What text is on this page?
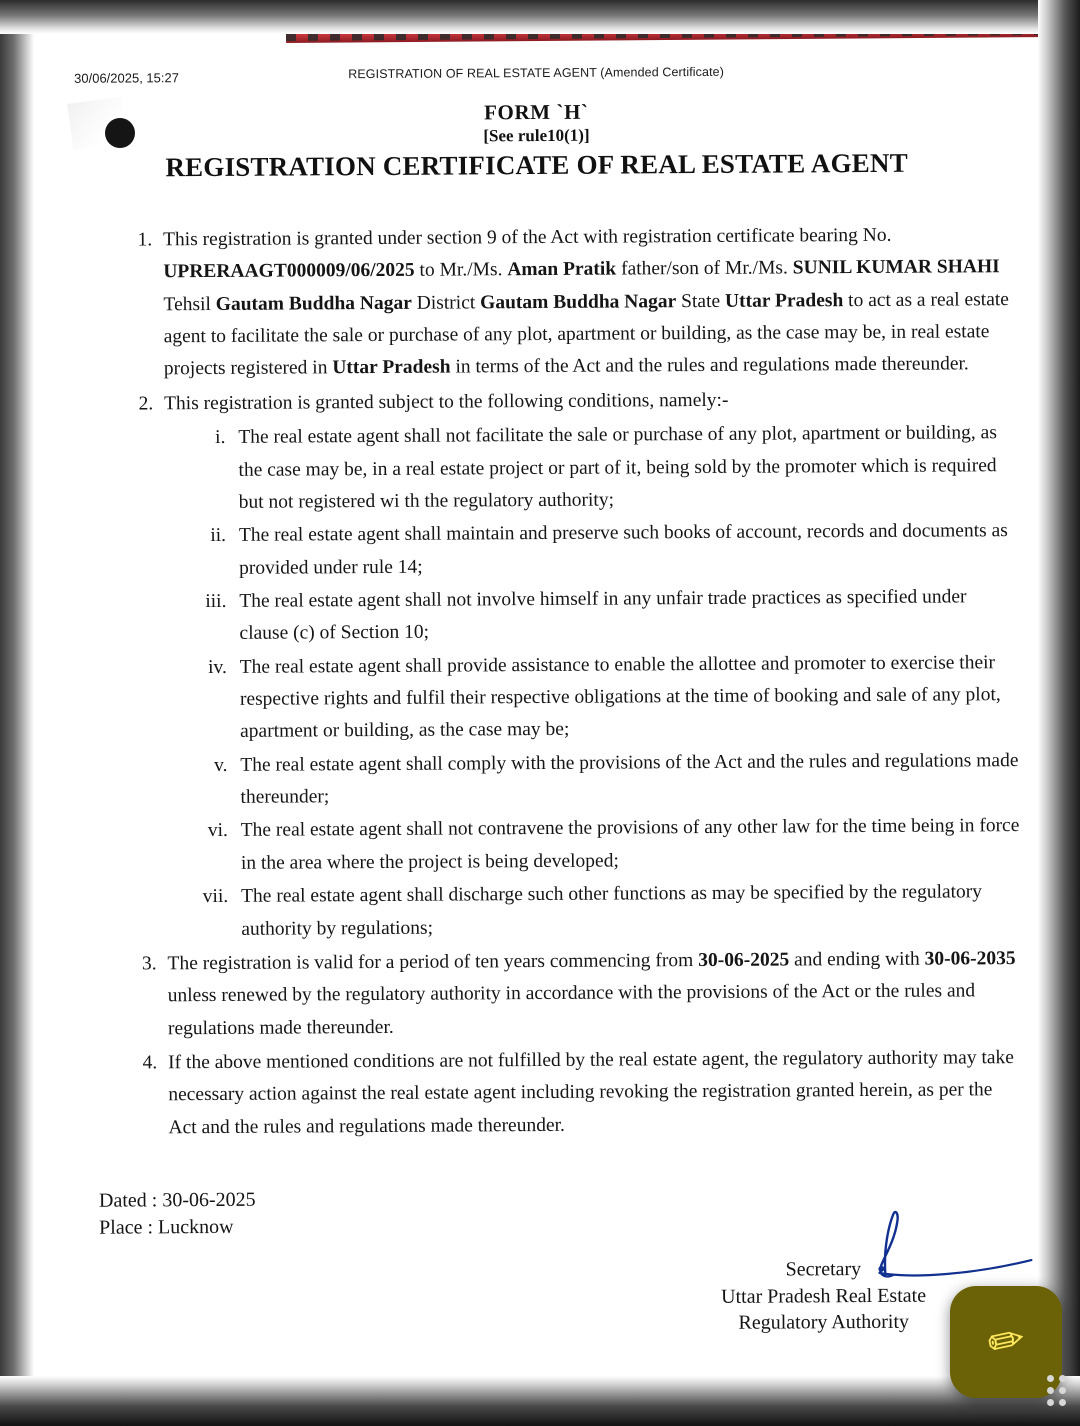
30/06/2025, 15:27	REGISTRATION OF REAL ESTATE AGENT (Amended Certificate)
FORM `H`
[See rule10(1)]
REGISTRATION CERTIFICATE OF REAL ESTATE AGENT
1. This registration is granted under section 9 of the Act with registration certificate bearing No. UPRERAAGT000009/06/2025 to Mr./Ms. Aman Pratik father/son of Mr./Ms. SUNIL KUMAR SHAHI Tehsil Gautam Buddha Nagar District Gautam Buddha Nagar State Uttar Pradesh to act as a real estate agent to facilitate the sale or purchase of any plot, apartment or building, as the case may be, in real estate projects registered in Uttar Pradesh in terms of the Act and the rules and regulations made thereunder.
2. This registration is granted subject to the following conditions, namely:-
i. The real estate agent shall not facilitate the sale or purchase of any plot, apartment or building, as the case may be, in a real estate project or part of it, being sold by the promoter which is required but not registered wi th the regulatory authority;
ii. The real estate agent shall maintain and preserve such books of account, records and documents as provided under rule 14;
iii. The real estate agent shall not involve himself in any unfair trade practices as specified under clause (c) of Section 10;
iv. The real estate agent shall provide assistance to enable the allottee and promoter to exercise their respective rights and fulfil their respective obligations at the time of booking and sale of any plot, apartment or building, as the case may be;
v. The real estate agent shall comply with the provisions of the Act and the rules and regulations made thereunder;
vi. The real estate agent shall not contravene the provisions of any other law for the time being in force in the area where the project is being developed;
vii. The real estate agent shall discharge such other functions as may be specified by the regulatory authority by regulations;
3. The registration is valid for a period of ten years commencing from 30-06-2025 and ending with 30-06-2035 unless renewed by the regulatory authority in accordance with the provisions of the Act or the rules and regulations made thereunder.
4. If the above mentioned conditions are not fulfilled by the real estate agent, the regulatory authority may take necessary action against the real estate agent including revoking the registration granted herein, as per the Act and the rules and regulations made thereunder.
Dated : 30-06-2025
Place : Lucknow
Secretary
Uttar Pradesh Real Estate
Regulatory Authority	✏
